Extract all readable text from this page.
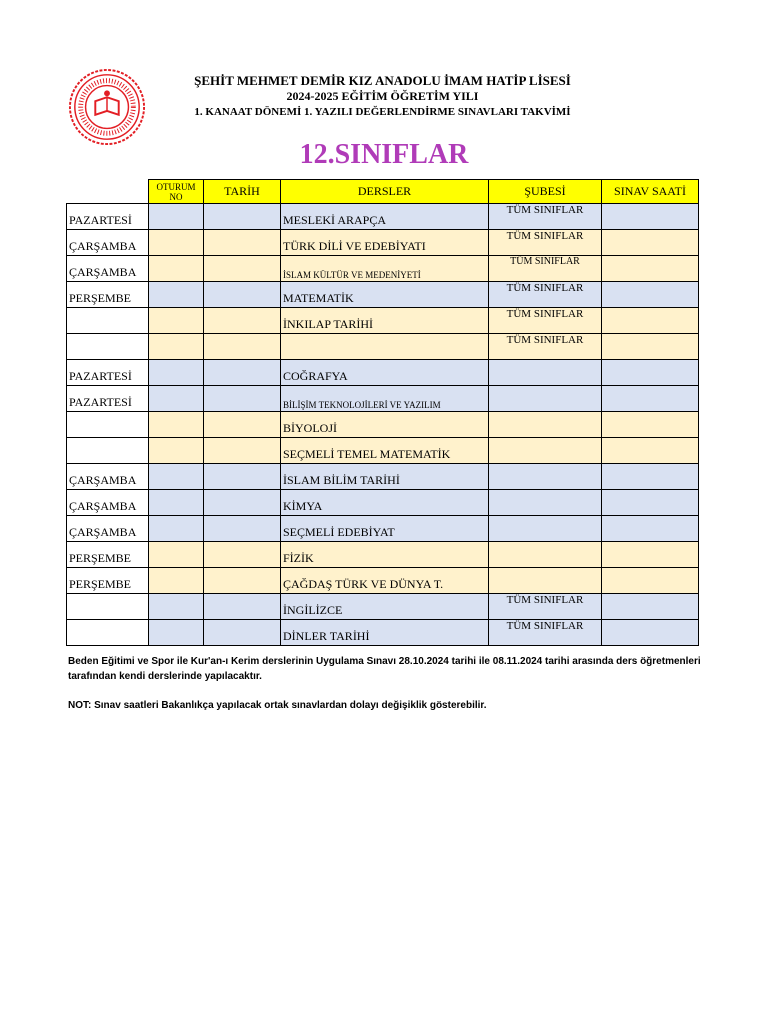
ŞEHİT MEHMET DEMİR KIZ ANADOLU İMAM HATİP LİSESİ
2024-2025 EĞİTİM ÖĞRETİM YILI
1. KANAAT DÖNEMİ 1. YAZILI DEĞERLENDİRME SINAVLARI TAKVİMİ
12.SINIFLAR
	OTURUM NO	TARİH	DERSLER	ŞUBESİ	SINAV SAATİ
PAZARTESİ			MESLEKİ ARAPÇA	TÜM SINIFLAR	
ÇARŞAMBA			TÜRK DİLİ VE EDEBİYATI	TÜM SINIFLAR	
ÇARŞAMBA			İSLAM KÜLTÜR VE MEDENİYETİ	TÜM SINIFLAR	
PERŞEMBE			MATEMATİK	TÜM SINIFLAR	
			İNKILAP TARİHİ	TÜM SINIFLAR	
				TÜM SINIFLAR	
PAZARTESİ			COĞRAFYA		
PAZARTESİ			BİLİŞİM TEKNOLOJİLERİ VE YAZILIM		
			BİYOLOJİ		
			SEÇMELİ TEMEL MATEMATİK		
ÇARŞAMBA			İSLAM BİLİM TARİHİ		
ÇARŞAMBA			KİMYA		
ÇARŞAMBA			SEÇMELİ EDEBİYAT		
PERŞEMBE			FİZİK		
PERŞEMBE			ÇAĞDAŞ TÜRK VE DÜNYA T.		
			İNGİLİZCE	TÜM SINIFLAR	
			DİNLER TARİHİ	TÜM SINIFLAR	

Beden Eğitimi ve Spor ile Kur'an-ı Kerim derslerinin Uygulama Sınavı 28.10.2024 tarihi ile 08.11.2024 tarihi arasında ders öğretmenleri tarafından kendi derslerinde yapılacaktır.

NOT: Sınav saatleri Bakanlıkça yapılacak ortak sınavlardan dolayı değişiklik gösterebilir.
